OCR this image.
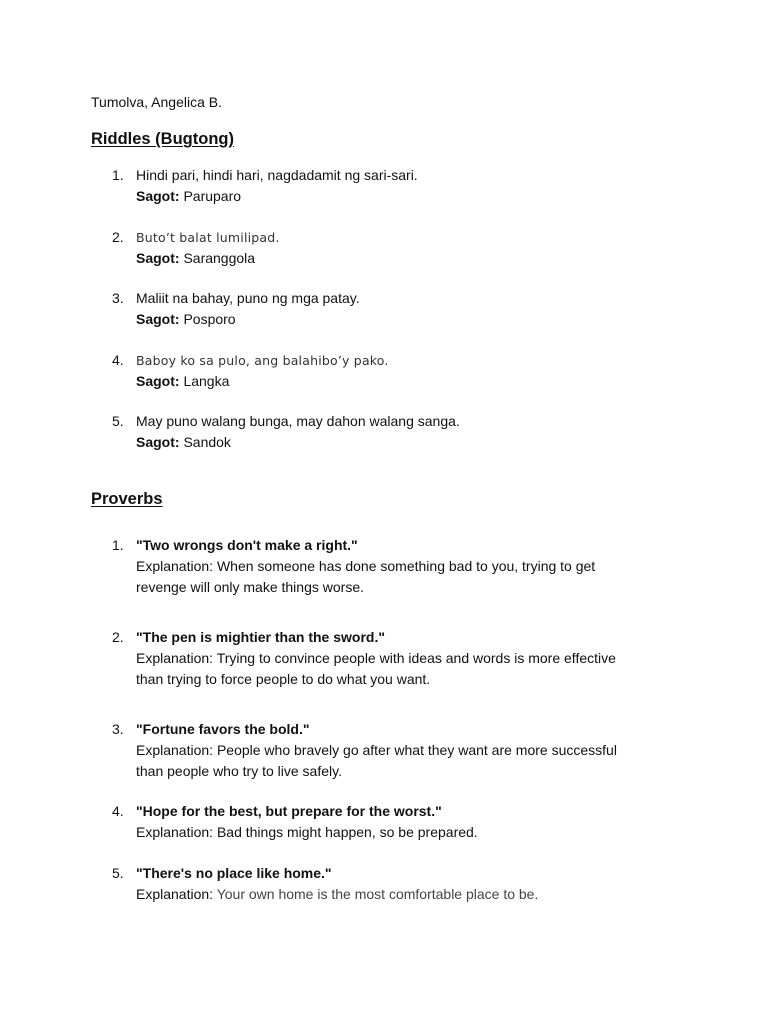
Tumolva, Angelica B.
Riddles (Bugtong)
1. Hindi pari, hindi hari, nagdadamit ng sari-sari.
Sagot: Paruparo
2. Buto’t balat lumilipad.
Sagot: Saranggola
3. Maliit na bahay, puno ng mga patay.
Sagot: Posporo
4. Baboy ko sa pulo, ang balahibo’y pako.
Sagot: Langka
5. May puno walang bunga, may dahon walang sanga.
Sagot: Sandok
Proverbs
1. "Two wrongs don't make a right."
Explanation: When someone has done something bad to you, trying to get
revenge will only make things worse.
2. "The pen is mightier than the sword."
Explanation: Trying to convince people with ideas and words is more effective
than trying to force people to do what you want.
3. "Fortune favors the bold."
Explanation: People who bravely go after what they want are more successful
than people who try to live safely.
4. "Hope for the best, but prepare for the worst."
Explanation: Bad things might happen, so be prepared.
5. "There's no place like home."
Explanation: Your own home is the most comfortable place to be.
